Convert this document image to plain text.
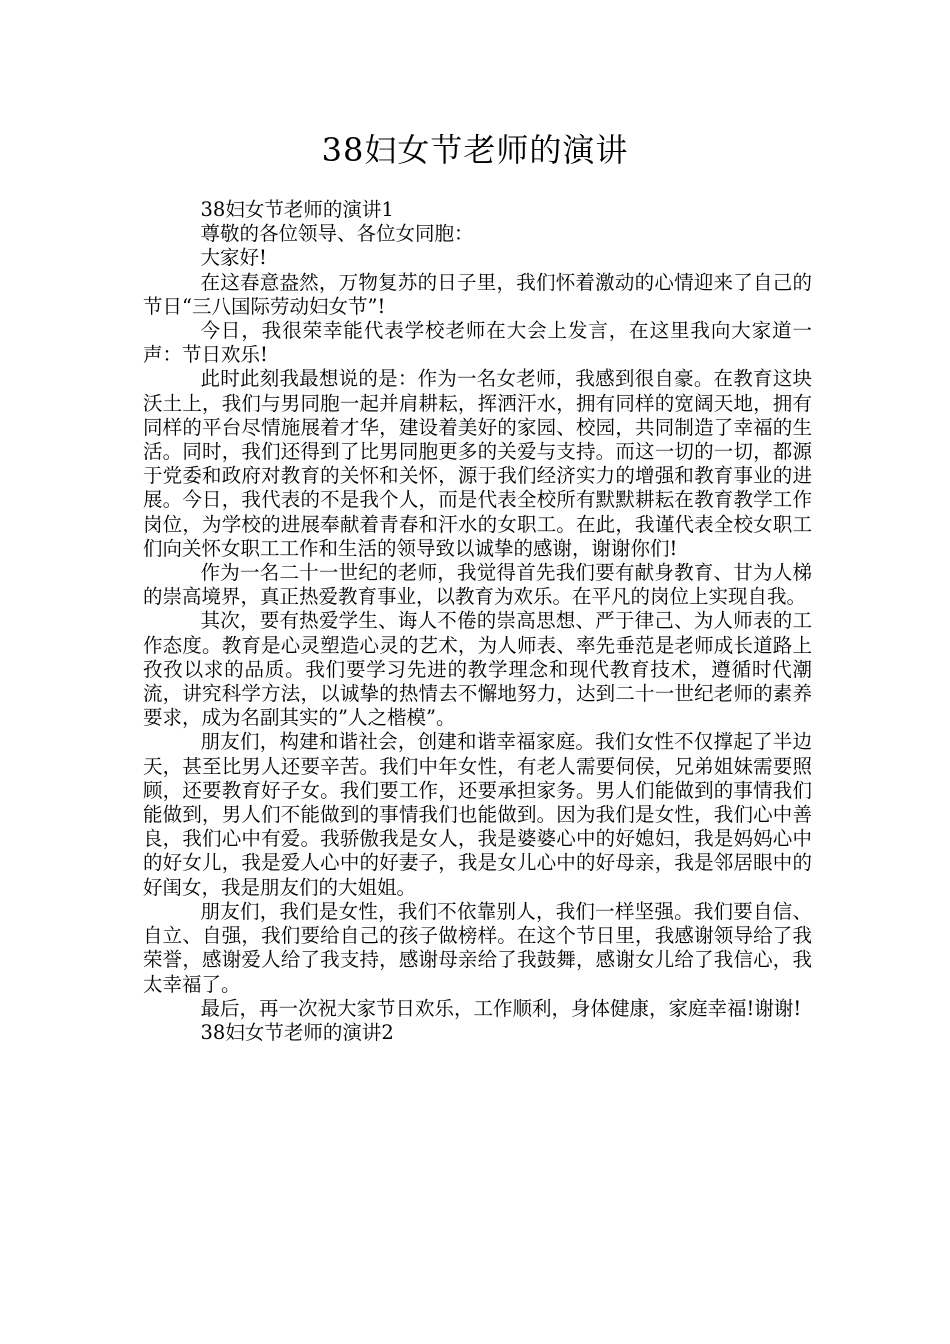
38妇女节老师的演讲

38妇女节老师的演讲1

尊敬的各位领导、各位女同胞：

大家好!

在这春意盎然，万物复苏的日子里，我们怀着激动的心情迎来了自己的节日“三八国际劳动妇女节”!

今日，我很荣幸能代表学校老师在大会上发言，在这里我向大家道一声：节日欢乐!

此时此刻我最想说的是：作为一名女老师，我感到很自豪。在教育这块沃土上，我们与男同胞一起并肩耕耘，挥洒汗水，拥有同样的宽阔天地，拥有同样的平台尽情施展着才华，建设着美好的家园、校园，共同制造了幸福的生活。同时，我们还得到了比男同胞更多的关爱与支持。而这一切的一切，都源于党委和政府对教育的关怀和关怀，源于我们经济实力的增强和教育事业的进展。今日，我代表的不是我个人，而是代表全校所有默默耕耘在教育教学工作岗位，为学校的进展奉献着青春和汗水的女职工。在此，我谨代表全校女职工们向关怀女职工工作和生活的领导致以诚挚的感谢，谢谢你们!

作为一名二十一世纪的老师，我觉得首先我们要有献身教育、甘为人梯的崇高境界，真正热爱教育事业，以教育为欢乐。在平凡的岗位上实现自我。

其次，要有热爱学生、诲人不倦的崇高思想、严于律己、为人师表的工作态度。教育是心灵塑造心灵的艺术，为人师表、率先垂范是老师成长道路上孜孜以求的品质。我们要学习先进的教学理念和现代教育技术，遵循时代潮流，讲究科学方法，以诚挚的热情去不懈地努力，达到二十一世纪老师的素养要求，成为名副其实的”人之楷模”。

朋友们，构建和谐社会，创建和谐幸福家庭。我们女性不仅撑起了半边天，甚至比男人还要辛苦。我们中年女性，有老人需要伺侯，兄弟姐妹需要照顾，还要教育好子女。我们要工作，还要承担家务。男人们能做到的事情我们能做到，男人们不能做到的事情我们也能做到。因为我们是女性，我们心中善良，我们心中有爱。我骄傲我是女人，我是婆婆心中的好媳妇，我是妈妈心中的好女儿，我是爱人心中的好妻子，我是女儿心中的好母亲，我是邻居眼中的好闺女，我是朋友们的大姐姐。

朋友们，我们是女性，我们不依靠别人，我们一样坚强。我们要自信、自立、自强，我们要给自己的孩子做榜样。在这个节日里，我感谢领导给了我荣誉，感谢爱人给了我支持，感谢母亲给了我鼓舞，感谢女儿给了我信心，我太幸福了。

最后，再一次祝大家节日欢乐，工作顺利，身体健康，家庭幸福!谢谢!

38妇女节老师的演讲2
